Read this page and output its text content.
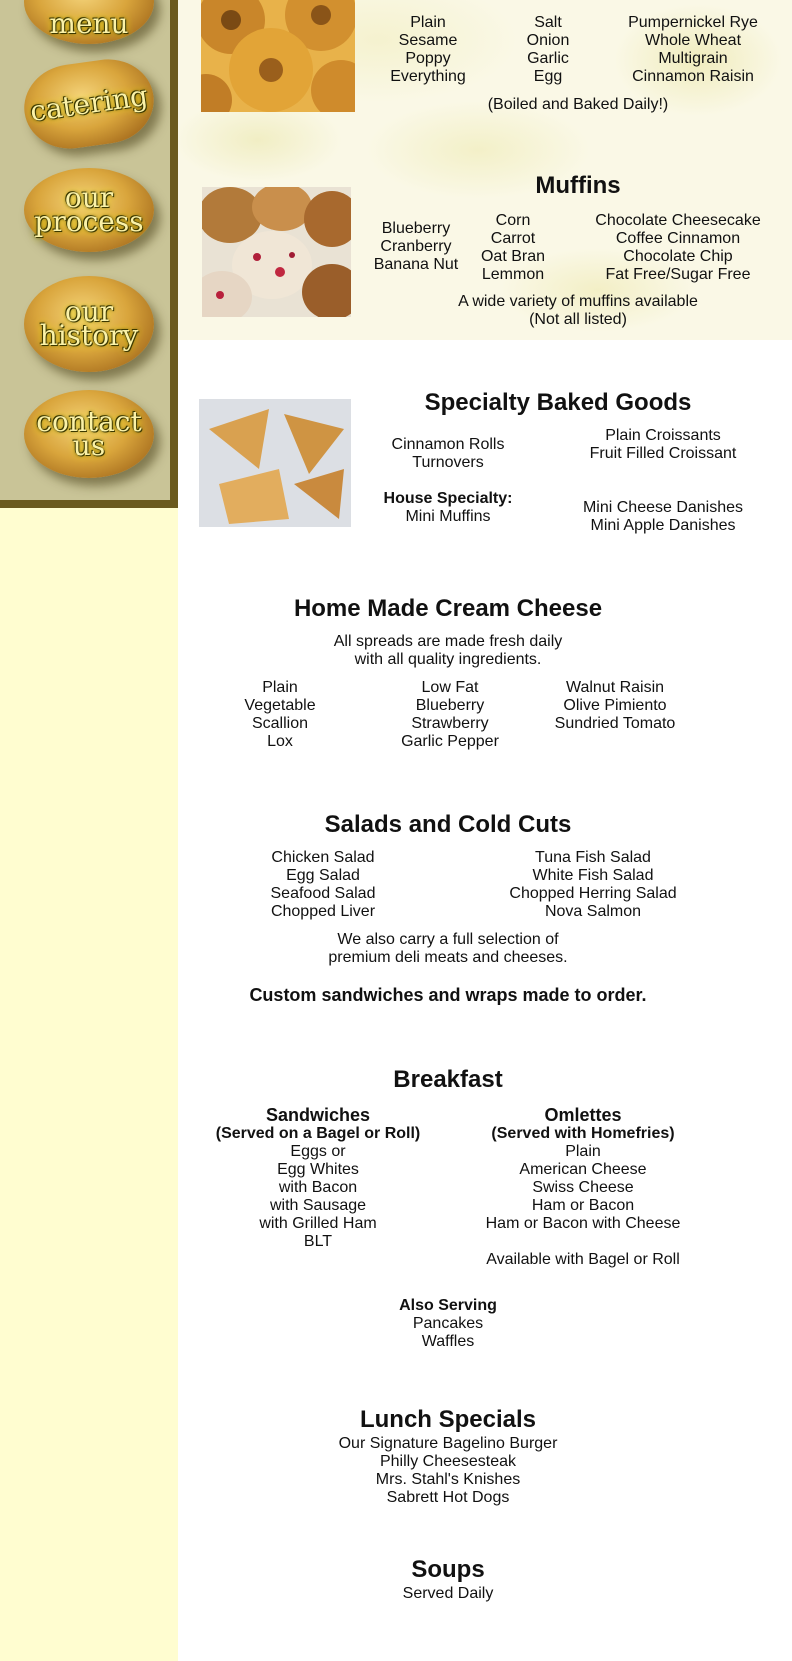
menu
catering
our
process
our
history
contact
us
Plain
Sesame
Poppy
Everything
Salt
Onion
Garlic
Egg
Pumpernickel Rye
Whole Wheat
Multigrain
Cinnamon Raisin
(Boiled and Baked Daily!)
Muffins
Blueberry
Cranberry
Banana Nut
Corn
Carrot
Oat Bran
Lemmon
Chocolate Cheesecake
Coffee Cinnamon
Chocolate Chip
Fat Free/Sugar Free
A wide variety of muffins available
(Not all listed)
Specialty Baked Goods
Cinnamon Rolls
Turnovers
House Specialty:
Mini Muffins
Plain Croissants
Fruit Filled Croissant
Mini Cheese Danishes
Mini Apple Danishes
Home Made Cream Cheese
All spreads are made fresh daily
with all quality ingredients.
Plain
Vegetable
Scallion
Lox
Low Fat
Blueberry
Strawberry
Garlic Pepper
Walnut Raisin
Olive Pimiento
Sundried Tomato
Salads and Cold Cuts
Chicken Salad
Egg Salad
Seafood Salad
Chopped Liver
Tuna Fish Salad
White Fish Salad
Chopped Herring Salad
Nova Salmon
We also carry a full selection of
premium deli meats and cheeses.
Custom sandwiches and wraps made to order.
Breakfast
Sandwiches
(Served on a Bagel or Roll)
Eggs or
Egg Whites
with Bacon
with Sausage
with Grilled Ham
BLT
Omlettes
(Served with Homefries)
Plain
American Cheese
Swiss Cheese
Ham or Bacon
Ham or Bacon with Cheese
Available with Bagel or Roll
Also Serving
Pancakes
Waffles
Lunch Specials
Our Signature Bagelino Burger
Philly Cheesesteak
Mrs. Stahl's Knishes
Sabrett Hot Dogs
Soups
Served Daily
